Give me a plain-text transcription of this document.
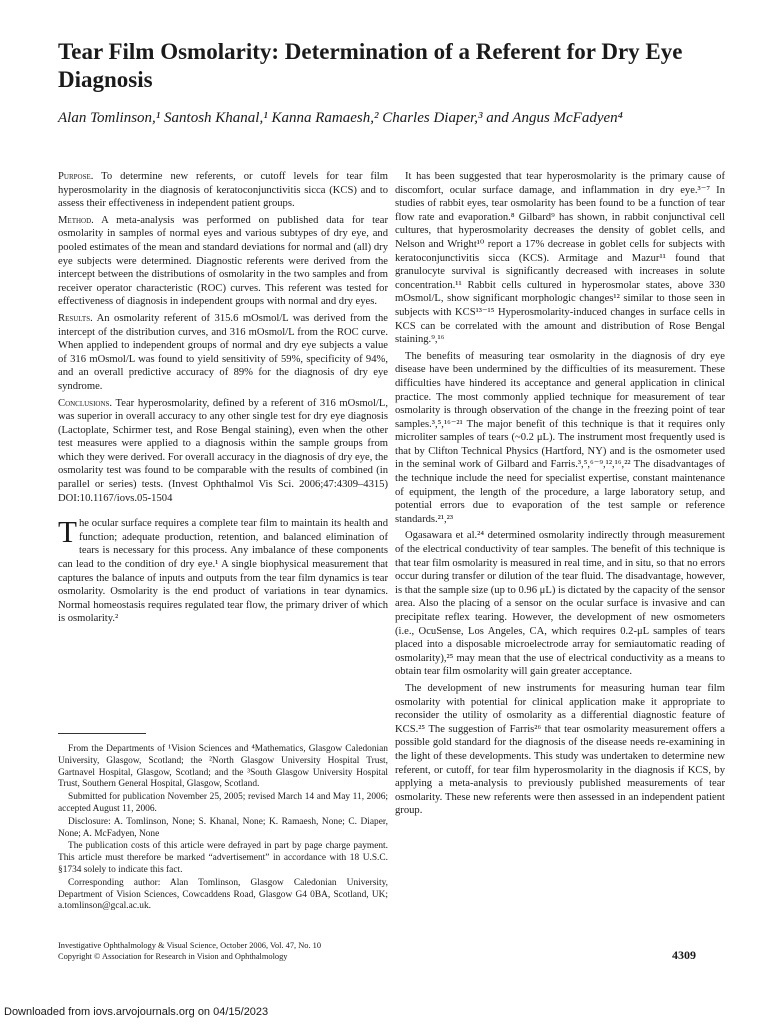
Tear Film Osmolarity: Determination of a Referent for Dry Eye Diagnosis
Alan Tomlinson,¹ Santosh Khanal,¹ Kanna Ramaesh,² Charles Diaper,³ and Angus McFadyen⁴

Purpose. To determine new referents, or cutoff levels for tear film hyperosmolarity in the diagnosis of keratoconjunctivitis sicca (KCS) and to assess their effectiveness in independent patient groups.

Method. A meta-analysis was performed on published data for tear osmolarity in samples of normal eyes and various subtypes of dry eye, and pooled estimates of the mean and standard deviations for normal and (all) dry eye subjects were determined. Diagnostic referents were derived from the intercept between the distributions of osmolarity in the two samples and from receiver operator characteristic (ROC) curves. This referent was tested for effectiveness of diagnosis in independent groups with normal and dry eyes.

Results. An osmolarity referent of 315.6 mOsmol/L was derived from the intercept of the distribution curves, and 316 mOsmol/L from the ROC curve. When applied to independent groups of normal and dry eye subjects a value of 316 mOsmol/L was found to yield sensitivity of 59%, specificity of 94%, and an overall predictive accuracy of 89% for the diagnosis of dry eye syndrome.

Conclusions. Tear hyperosmolarity, defined by a referent of 316 mOsmol/L, was superior in overall accuracy to any other single test for dry eye diagnosis (Lactoplate, Schirmer test, and Rose Bengal staining), even when the other test measures were applied to a diagnosis within the sample groups from which they were derived. For overall accuracy in the diagnosis of dry eye, the osmolarity test was found to be comparable with the results of combined (in parallel or series) tests. (Invest Ophthalmol Vis Sci. 2006;47:4309–4315) DOI:10.1167/iovs.05-1504

The ocular surface requires a complete tear film to maintain its health and function; adequate production, retention, and balanced elimination of tears is necessary for this process. Any imbalance of these components can lead to the condition of dry eye.¹ A single biophysical measurement that captures the balance of inputs and outputs from the tear film dynamics is tear osmolarity. Osmolarity is the end product of variations in tear dynamics. Normal homeostasis requires regulated tear flow, the primary driver of which is osmolarity.²

It has been suggested that tear hyperosmolarity is the primary cause of discomfort, ocular surface damage, and inflammation in dry eye.³⁻⁷ In studies of rabbit eyes, tear osmolarity has been found to be a function of tear flow rate and evaporation.⁸ Gilbard⁹ has shown, in rabbit conjunctival cell cultures, that hyperosmolarity decreases the density of goblet cells, and Nelson and Wright¹⁰ report a 17% decrease in goblet cells for subjects with keratoconjunctivitis sicca (KCS). Armitage and Mazur¹¹ found that granulocyte survival is significantly decreased with increases in solute concentration.¹¹ Rabbit cells cultured in hyperosmolar states, above 330 mOsmol/L, show significant morphologic changes¹² similar to those seen in subjects with KCS¹³⁻¹⁵ Hyperosmolarity-induced changes in surface cells in KCS can be correlated with the amount and distribution of Rose Bengal staining.⁹,¹⁶

The benefits of measuring tear osmolarity in the diagnosis of dry eye disease have been undermined by the difficulties of its measurement. These difficulties have hindered its acceptance and general application in clinical practice. The most commonly applied technique for measurement of tear osmolarity is through observation of the change in the freezing point of tear samples.³,⁵,¹⁶⁻²¹ The major benefit of this technique is that it requires only microliter samples of tears (~0.2 μL). The instrument most frequently used is that by Clifton Technical Physics (Hartford, NY) and is the osmometer used in the seminal work of Gilbard and Farris.³,⁵,⁶⁻⁹,¹²,¹⁶,²² The disadvantages of the technique include the need for specialist expertise, constant maintenance of equipment, the length of the procedure, a large laboratory setup, and potential errors due to evaporation of the test sample or reference standards.²¹,²³

Ogasawara et al.²⁴ determined osmolarity indirectly through measurement of the electrical conductivity of tear samples. The benefit of this technique is that tear film osmolarity is measured in real time, and in situ, so that no errors occur during transfer or dilution of the tear fluid. The disadvantage, however, is that the sample size (up to 0.96 μL) is dictated by the capacity of the sensor area. Also the placing of a sensor on the ocular surface is invasive and can precipitate reflex tearing. However, the development of new osmometers (i.e., OcuSense, Los Angeles, CA, which requires 0.2-μL samples of tears placed into a disposable microelectrode array for semiautomatic reading of osmolarity),²⁵ may mean that the use of electrical conductivity as a means to obtain tear film osmolarity will gain greater acceptance.

The development of new instruments for measuring human tear film osmolarity with potential for clinical application make it appropriate to reconsider the utility of osmolarity as a differential diagnostic feature of KCS.²⁵ The suggestion of Farris²⁶ that tear osmolarity measurement offers a possible gold standard for the diagnosis of the disease needs re-examining in the light of these developments. This study was undertaken to determine new referent, or cutoff, for tear film hyperosmolarity in the diagnosis if KCS, by applying a meta-analysis to previously published measurements of tear osmolarity. These new referents were then assessed in an independent patient group.

From the Departments of ¹Vision Sciences and ⁴Mathematics, Glasgow Caledonian University, Glasgow, Scotland; the ²North Glasgow University Hospital Trust, Gartnavel Hospital, Glasgow, Scotland; and the ³South Glasgow University Hospital Trust, Southern General Hospital, Glasgow, Scotland.

Submitted for publication November 25, 2005; revised March 14 and May 11, 2006; accepted August 11, 2006.

Disclosure: A. Tomlinson, None; S. Khanal, None; K. Ramaesh, None; C. Diaper, None; A. McFadyen, None

The publication costs of this article were defrayed in part by page charge payment. This article must therefore be marked “advertisement” in accordance with 18 U.S.C. §1734 solely to indicate this fact.

Corresponding author: Alan Tomlinson, Glasgow Caledonian University, Department of Vision Sciences, Cowcaddens Road, Glasgow G4 0BA, Scotland, UK; a.tomlinson@gcal.ac.uk.

Investigative Ophthalmology & Visual Science, October 2006, Vol. 47, No. 10
Copyright © Association for Research in Vision and Ophthalmology	4309
Downloaded from iovs.arvojournals.org on 04/15/2023
